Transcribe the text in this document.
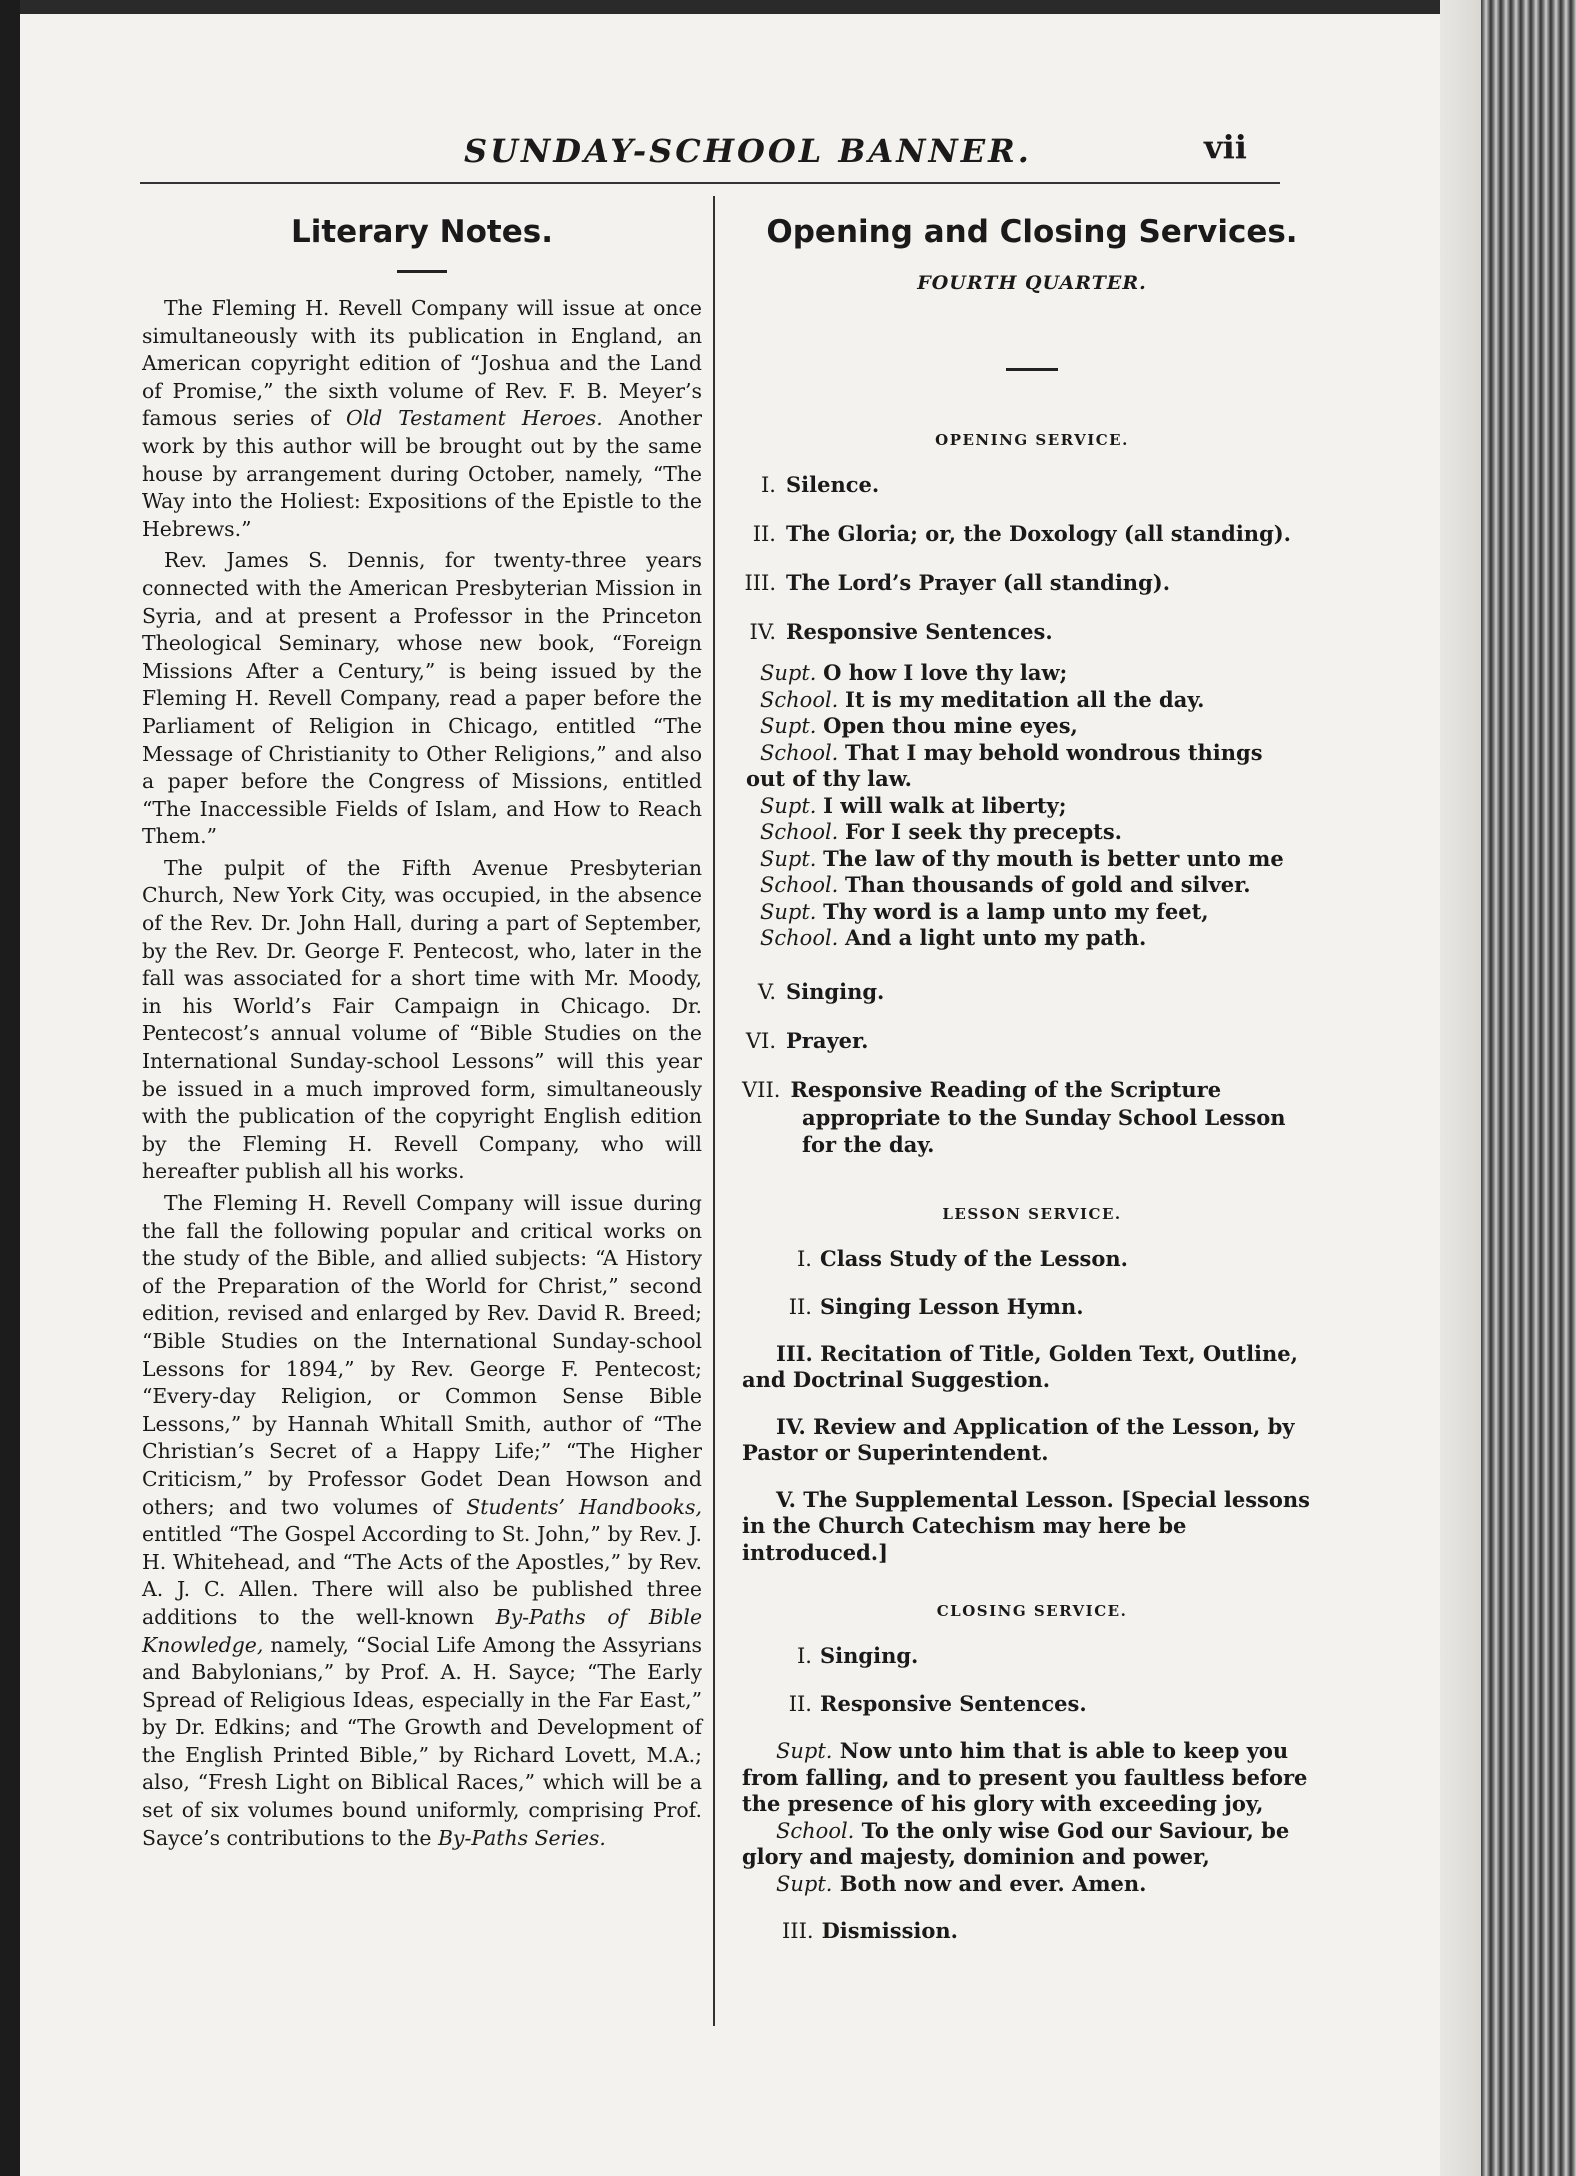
SUNDAY-SCHOOL BANNER.	vii
Literary Notes.

The Fleming H. Revell Company will issue at once simultaneously with its publication in England, an American copyright edition of “Joshua and the Land of Promise,” the sixth volume of Rev. F. B. Meyer’s famous series of Old Testament Heroes. Another work by this author will be brought out by the same house by arrangement during October, namely, “The Way into the Holiest: Expositions of the Epistle to the Hebrews.”

Rev. James S. Dennis, for twenty-three years connected with the American Presbyterian Mission in Syria, and at present a Professor in the Princeton Theological Seminary, whose new book, “Foreign Missions After a Century,” is being issued by the Fleming H. Revell Company, read a paper before the Parliament of Religion in Chicago, entitled “The Message of Christianity to Other Religions,” and also a paper before the Congress of Missions, entitled “The Inaccessible Fields of Islam, and How to Reach Them.”

The pulpit of the Fifth Avenue Presbyterian Church, New York City, was occupied, in the absence of the Rev. Dr. John Hall, during a part of September, by the Rev. Dr. George F. Pentecost, who, later in the fall was associated for a short time with Mr. Moody, in his World’s Fair Campaign in Chicago. Dr. Pentecost’s annual volume of “Bible Studies on the International Sunday-school Lessons” will this year be issued in a much improved form, simultaneously with the publication of the copyright English edition by the Fleming H. Revell Company, who will hereafter publish all his works.

The Fleming H. Revell Company will issue during the fall the following popular and critical works on the study of the Bible, and allied subjects: “A History of the Preparation of the World for Christ,” second edition, revised and enlarged by Rev. David R. Breed; “Bible Studies on the International Sunday-school Lessons for 1894,” by Rev. George F. Pentecost; “Every-day Religion, or Common Sense Bible Lessons,” by Hannah Whitall Smith, author of “The Christian’s Secret of a Happy Life;” “The Higher Criticism,” by Professor Godet Dean Howson and others; and two volumes of Students’ Handbooks, entitled “The Gospel According to St. John,” by Rev. J. H. Whitehead, and “The Acts of the Apostles,” by Rev. A. J. C. Allen. There will also be published three additions to the well-known By-Paths of Bible Knowledge, namely, “Social Life Among the Assyrians and Babylonians,” by Prof. A. H. Sayce; “The Early Spread of Religious Ideas, especially in the Far East,” by Dr. Edkins; and “The Growth and Development of the English Printed Bible,” by Richard Lovett, M.A.; also, “Fresh Light on Biblical Races,” which will be a set of six volumes bound uniformly, comprising Prof. Sayce’s contributions to the By-Paths Series.

Opening and Closing Services.
FOURTH QUARTER.
OPENING SERVICE.
I. Silence.
II. The Gloria; or, the Doxology (all standing).
III. The Lord’s Prayer (all standing).
IV. Responsive Sentences.

Supt. O how I love thy law;

School. It is my meditation all the day.

Supt. Open thou mine eyes,

School. That I may behold wondrous things

out of thy law.

Supt. I will walk at liberty;

School. For I seek thy precepts.

Supt. The law of thy mouth is better unto me

School. Than thousands of gold and silver.

Supt. Thy word is a lamp unto my feet,

School. And a light unto my path.

V. Singing.
VI. Prayer.
VII. Responsive Reading of the Scripture appropriate to the Sunday School Lesson for the day.
LESSON SERVICE.
I. Class Study of the Lesson.
II. Singing Lesson Hymn.

III. Recitation of Title, Golden Text, Outline, and Doctrinal Suggestion.

IV. Review and Application of the Lesson, by Pastor or Superintendent.

V. The Supplemental Lesson. [Special lessons in the Church Catechism may here be introduced.]

CLOSING SERVICE.
I. Singing.
II. Responsive Sentences.

Supt. Now unto him that is able to keep you from falling, and to present you faultless before the presence of his glory with exceeding joy,

School. To the only wise God our Saviour, be glory and majesty, dominion and power,

Supt. Both now and ever. Amen.

III. Dismission.
